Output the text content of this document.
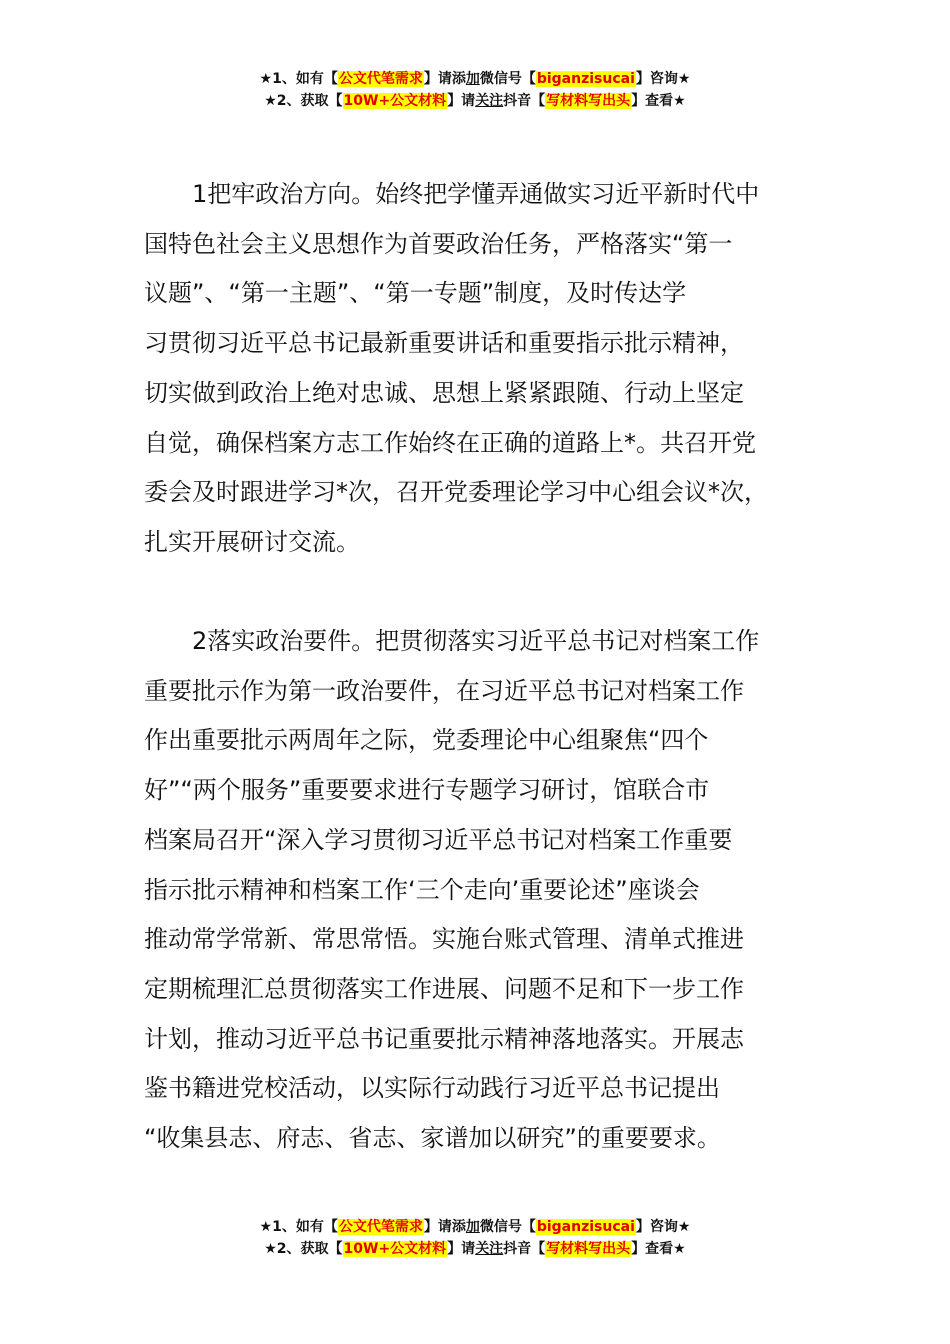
★1、如有【公文代笔需求】请添加微信号【biganzisucai】咨询★
★2、获取【10W+公文材料】请关注抖音【写材料写出头】查看★

1把牢政治方向。始终把学懂弄通做实习近平新时代中
国特色社会主义思想作为首要政治任务，严格落实“第一
议题”、“第一主题”、“第一专题”制度，及时传达学
习贯彻习近平总书记最新重要讲话和重要指示批示精神，
切实做到政治上绝对忠诚、思想上紧紧跟随、行动上坚定
自觉，确保档案方志工作始终在正确的道路上*。共召开党
委会及时跟进学习*次，召开党委理论学习中心组会议*次，
扎实开展研讨交流。

2落实政治要件。把贯彻落实习近平总书记对档案工作
重要批示作为第一政治要件，在习近平总书记对档案工作
作出重要批示两周年之际，党委理论中心组聚焦“四个
好”“两个服务”重要要求进行专题学习研讨，馆联合市
档案局召开“深入学习贯彻习近平总书记对档案工作重要
指示批示精神和档案工作‘三个走向’重要论述”座谈会
推动常学常新、常思常悟。实施台账式管理、清单式推进
定期梳理汇总贯彻落实工作进展、问题不足和下一步工作
计划，推动习近平总书记重要批示精神落地落实。开展志
鉴书籍进党校活动，以实际行动践行习近平总书记提出
“收集县志、府志、省志、家谱加以研究”的重要要求。

★1、如有【公文代笔需求】请添加微信号【biganzisucai】咨询★
★2、获取【10W+公文材料】请关注抖音【写材料写出头】查看★
